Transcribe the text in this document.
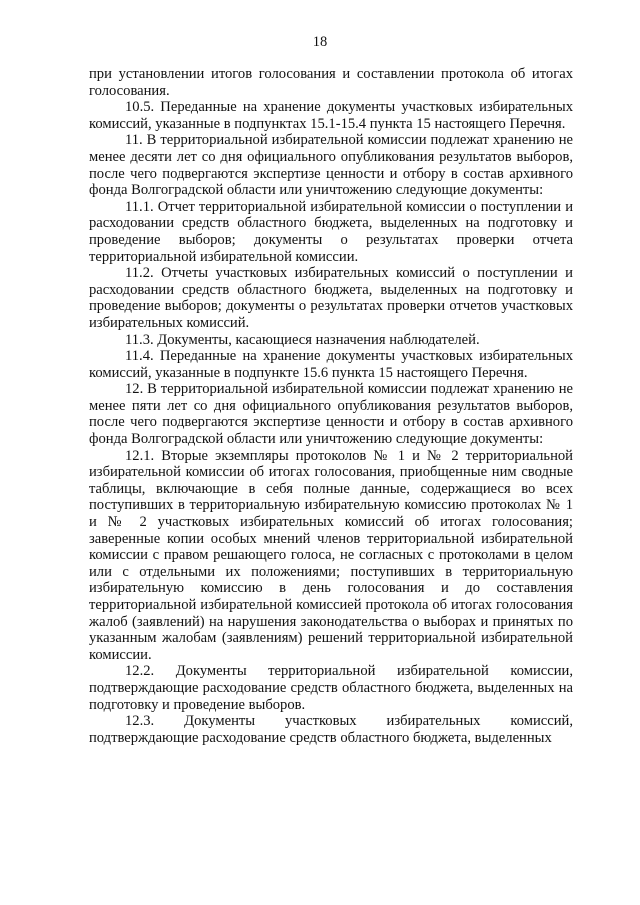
18

при установлении итогов голосования и составлении протокола об итогах голосования.

10.5. Переданные на хранение документы участковых избирательных комиссий, указанные в подпунктах 15.1-15.4 пункта 15 настоящего Перечня.

11. В территориальной избирательной комиссии подлежат хранению не менее десяти лет со дня официального опубликования результатов выборов, после чего подвергаются экспертизе ценности и отбору в состав архивного фонда Волгоградской области или уничтожению следующие документы:

11.1. Отчет территориальной избирательной комиссии о поступлении и расходовании средств областного бюджета, выделенных на подготовку и проведение выборов; документы о результатах проверки отчета территориальной избирательной комиссии.

11.2. Отчеты участковых избирательных комиссий о поступлении и расходовании средств областного бюджета, выделенных на подготовку и проведение выборов; документы о результатах проверки отчетов участковых избирательных комиссий.

11.3. Документы, касающиеся назначения наблюдателей.

11.4. Переданные на хранение документы участковых избирательных комиссий, указанные в подпункте 15.6 пункта 15 настоящего Перечня.

12. В территориальной избирательной комиссии подлежат хранению не менее пяти лет со дня официального опубликования результатов выборов, после чего подвергаются экспертизе ценности и отбору в состав архивного фонда Волгоградской области или уничтожению следующие документы:

12.1. Вторые экземпляры протоколов № 1 и № 2 территориальной избирательной комиссии об итогах голосования, приобщенные ним сводные таблицы, включающие в себя полные данные, содержащиеся во всех поступивших в территориальную избирательную комиссию протоколах № 1 и № 2 участковых избирательных комиссий об итогах голосования; заверенные копии особых мнений членов территориальной избирательной комиссии с правом решающего голоса, не согласных с протоколами в целом или с отдельными их положениями; поступивших в территориальную избирательную комиссию в день голосования и до составления территориальной избирательной комиссией протокола об итогах голосования жалоб (заявлений) на нарушения законодательства о выборах и принятых по указанным жалобам (заявлениям) решений территориальной избирательной комиссии.

12.2. Документы территориальной избирательной комиссии, подтверждающие расходование средств областного бюджета, выделенных на подготовку и проведение выборов.

12.3. Документы участковых избирательных комиссий, подтверждающие расходование средств областного бюджета, выделенных
